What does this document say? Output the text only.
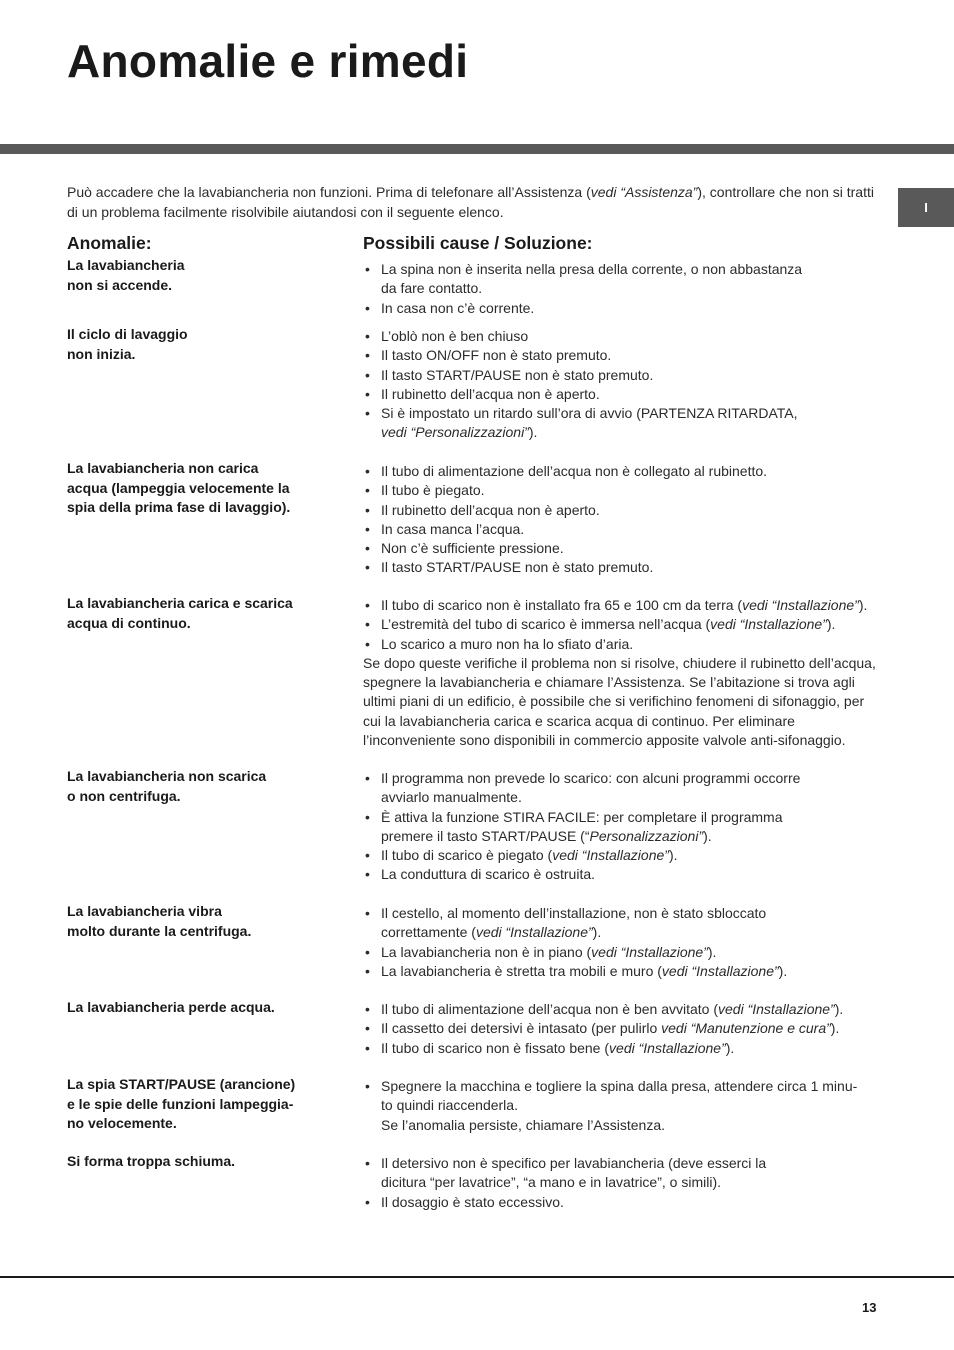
Anomalie e rimedi
I

Può accadere che la lavabiancheria non funzioni. Prima di telefonare all’Assistenza (vedi “Assistenza”), controllare che non si tratti di un problema facilmente risolvibile aiutandosi con il seguente elenco.

Anomalie:	Possibili cause / Soluzione:
La lavabiancheria
non si accende.
• La spina non è inserita nella presa della corrente, o non abbastanza
da fare contatto.
• In casa non c’è corrente.
Il ciclo di lavaggio
non inizia.
• L’oblò non è ben chiuso
• Il tasto ON/OFF non è stato premuto.
• Il tasto START/PAUSE non è stato premuto.
• Il rubinetto dell’acqua non è aperto.
• Si è impostato un ritardo sull’ora di avvio (PARTENZA RITARDATA,
vedi “Personalizzazioni”).
La lavabiancheria non carica
acqua (lampeggia velocemente la
spia della prima fase di lavaggio).
• Il tubo di alimentazione dell’acqua non è collegato al rubinetto.
• Il tubo è piegato.
• Il rubinetto dell’acqua non è aperto.
• In casa manca l’acqua.
• Non c’è sufficiente pressione.
• Il tasto START/PAUSE non è stato premuto.
La lavabiancheria carica e scarica
acqua di continuo.
• Il tubo di scarico non è installato fra 65 e 100 cm da terra (vedi “Installazione”).
• L’estremità del tubo di scarico è immersa nell’acqua (vedi “Installazione”).
• Lo scarico a muro non ha lo sfiato d’aria.

Se dopo queste verifiche il problema non si risolve, chiudere il rubinetto dell’acqua, spegnere la lavabiancheria e chiamare l’Assistenza. Se l’abitazione si trova agli ultimi piani di un edificio, è possibile che si verifichino fenomeni di sifonaggio, per cui la lavabiancheria carica e scarica acqua di continuo. Per eliminare l’inconveniente sono disponibili in commercio apposite valvole anti-sifonaggio.

La lavabiancheria non scarica
o non centrifuga.
• Il programma non prevede lo scarico: con alcuni programmi occorre
avviarlo manualmente.
• È attiva la funzione STIRA FACILE: per completare il programma
premere il tasto START/PAUSE (“Personalizzazioni”).
• Il tubo di scarico è piegato (vedi “Installazione”).
• La conduttura di scarico è ostruita.
La lavabiancheria vibra
molto durante la centrifuga.
• Il cestello, al momento dell’installazione, non è stato sbloccato
correttamente (vedi “Installazione”).
• La lavabiancheria non è in piano (vedi “Installazione”).
• La lavabiancheria è stretta tra mobili e muro (vedi “Installazione”).
La lavabiancheria perde acqua.	• Il tubo di alimentazione dell’acqua non è ben avvitato (vedi “Installazione”).
• Il cassetto dei detersivi è intasato (per pulirlo vedi “Manutenzione e cura”).
• Il tubo di scarico non è fissato bene (vedi “Installazione”).
La spia START/PAUSE (arancione)
e le spie delle funzioni lampeggia-
no velocemente.
• Spegnere la macchina e togliere la spina dalla presa, attendere circa 1 minu-
to quindi riaccenderla.
Se l’anomalia persiste, chiamare l’Assistenza.
Si forma troppa schiuma.	• Il detersivo non è specifico per lavabiancheria (deve esserci la
dicitura “per lavatrice”, “a mano e in lavatrice”, o simili).
• Il dosaggio è stato eccessivo.
13
